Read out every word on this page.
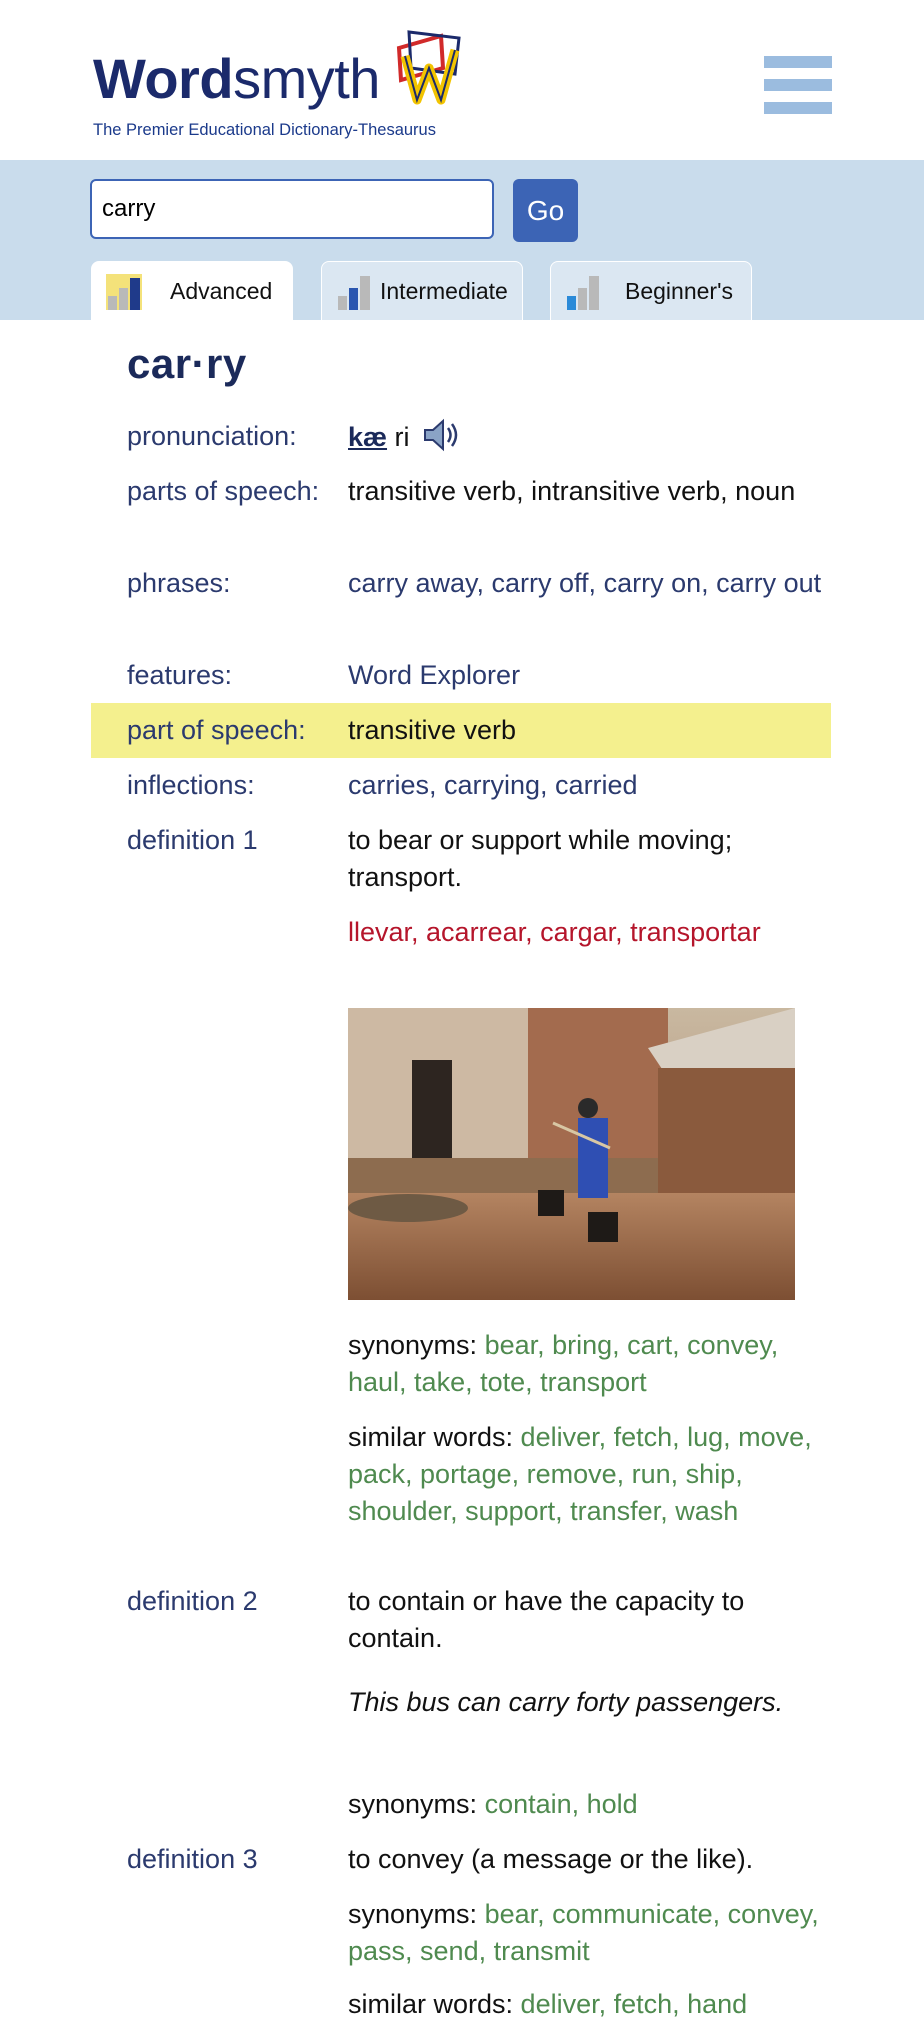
Wordsmyth
The Premier Educational Dictionary-Thesaurus
carry
Go
Advanced	Intermediate	Beginner's
car·ry
pronunciation:	kæ ri
parts of speech:	transitive verb, intransitive verb, noun
phrases:	carry away, carry off, carry on, carry out
features:	Word Explorer
part of speech:	transitive verb
inflections:	carries, carrying, carried
definition 1	to bear or support while moving; transport.
llevar, acarrear, cargar, transportar
synonyms: bear, bring, cart, convey, haul, take, tote, transport
similar words: deliver, fetch, lug, move, pack, portage, remove, run, ship, shoulder, support, transfer, wash
definition 2	to contain or have the capacity to contain.
This bus can carry forty passengers.
synonyms: contain, hold
definition 3	to convey (a message or the like).
synonyms: bear, communicate, convey, pass, send, transmit
similar words: deliver, fetch, hand
